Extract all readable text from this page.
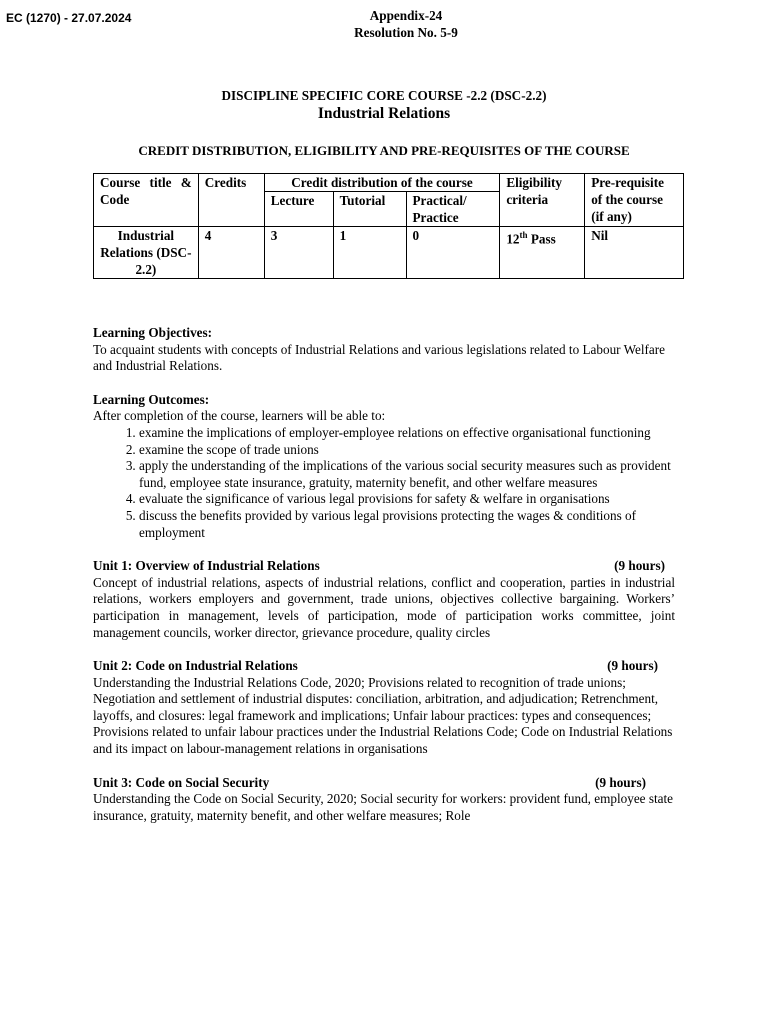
EC (1270) - 27.07.2024	Appendix-24
Resolution No. 5-9
DISCIPLINE SPECIFIC CORE COURSE -2.2 (DSC-2.2)
Industrial Relations
CREDIT DISTRIBUTION, ELIGIBILITY AND PRE-REQUISITES OF THE COURSE
Course title & Code	Credits	Credit distribution of the course			Eligibility criteria	Pre-requisite of the course (if any)
		Lecture	Tutorial	Practical/ Practice		
Industrial Relations (DSC- 2.2)	4	3	1	0	12th Pass	Nil

Learning Objectives:

To acquaint students with concepts of Industrial Relations and various legislations related to Labour Welfare and Industrial Relations.

Learning Outcomes:

After completion of the course, learners will be able to:

1. examine the implications of employer-employee relations on effective organisational functioning
2. examine the scope of trade unions
3. apply the understanding of the implications of the various social security measures such as provident fund, employee state insurance, gratuity, maternity benefit, and other welfare measures
4. evaluate the significance of various legal provisions for safety & welfare in organisations
5. discuss the benefits provided by various legal provisions protecting the wages & conditions of employment
Unit 1: Overview of Industrial Relations	(9 hours)

Concept of industrial relations, aspects of industrial relations, conflict and cooperation, parties in industrial relations, workers employers and government, trade unions, objectives collective bargaining. Workers’ participation in management, levels of participation, mode of participation works committee, joint management councils, worker director, grievance procedure, quality circles

Unit 2: Code on Industrial Relations	(9 hours)

Understanding the Industrial Relations Code, 2020; Provisions related to recognition of trade unions; Negotiation and settlement of industrial disputes: conciliation, arbitration, and adjudication; Retrenchment, layoffs, and closures: legal framework and implications; Unfair labour practices: types and consequences; Provisions related to unfair labour practices under the Industrial Relations Code; Code on Industrial Relations and its impact on labour-management relations in organisations

Unit 3: Code on Social Security	(9 hours)

Understanding the Code on Social Security, 2020; Social security for workers: provident fund, employee state insurance, gratuity, maternity benefit, and other welfare measures; Role
